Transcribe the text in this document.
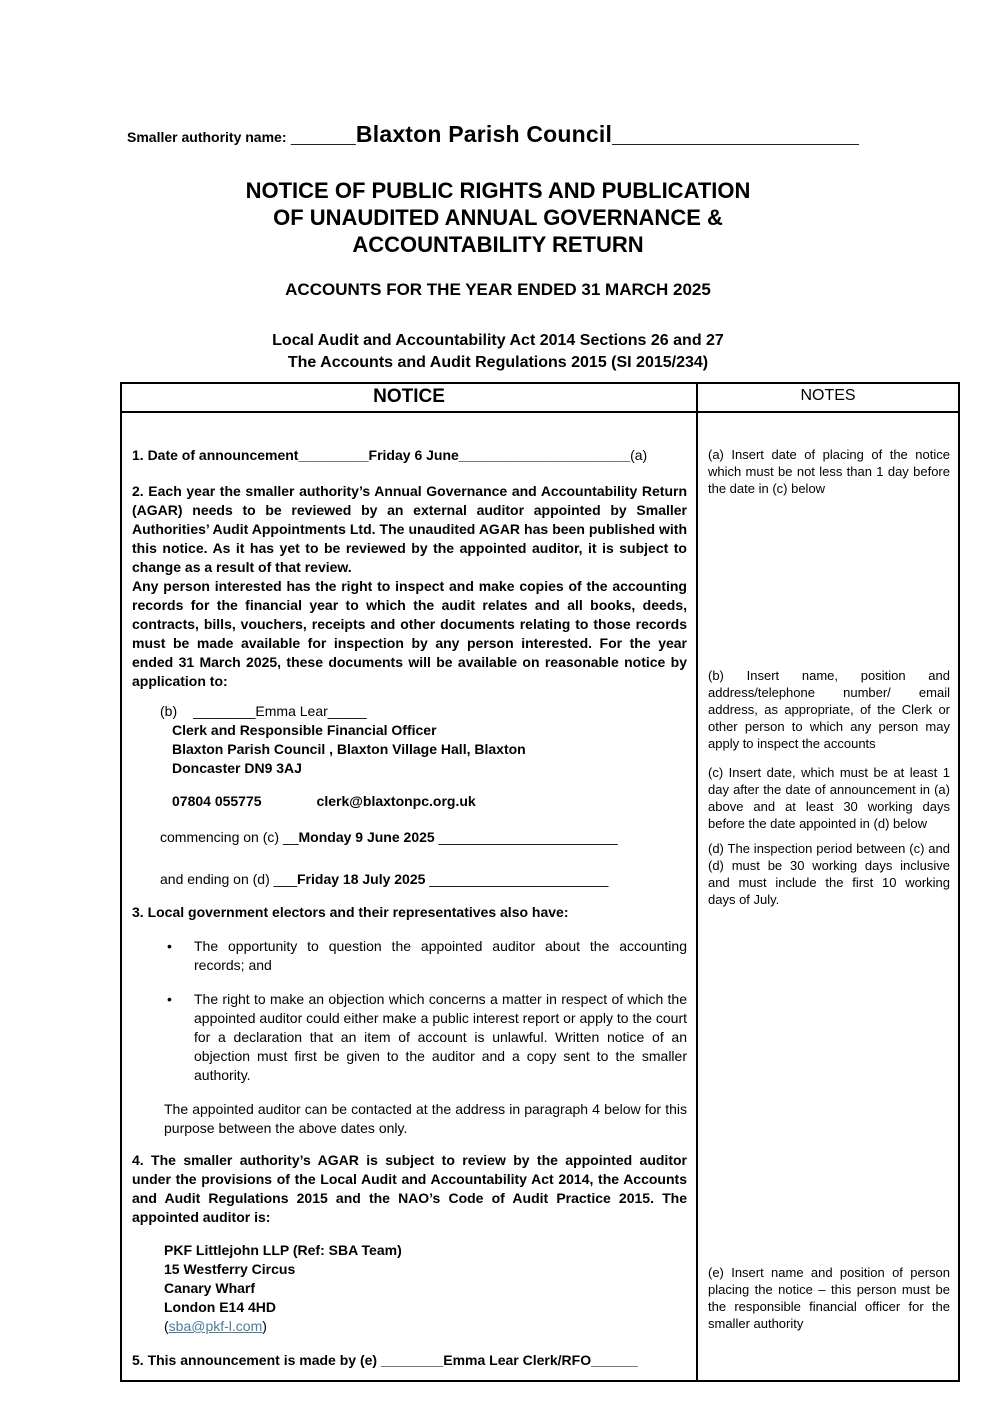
Smaller authority name: _____Blaxton Parish Council___________________
NOTICE OF PUBLIC RIGHTS AND PUBLICATION
OF UNAUDITED ANNUAL GOVERNANCE &
ACCOUNTABILITY RETURN
ACCOUNTS FOR THE YEAR ENDED 31 MARCH 2025
Local Audit and Accountability Act 2014 Sections 26 and 27
The Accounts and Audit Regulations 2015 (SI 2015/234)
NOTICE	NOTES

1. Date of announcement_________Friday 6 June______________________(a)
2. Each year the smaller authority’s Annual Governance and Accountability Return (AGAR) needs to be reviewed by an external auditor appointed by Smaller Authorities’ Audit Appointments Ltd. The unaudited AGAR has been published with this notice. As it has yet to be reviewed by the appointed auditor, it is subject to change as a result of that review.
Any person interested has the right to inspect and make copies of the accounting records for the financial year to which the audit relates and all books, deeds, contracts, bills, vouchers, receipts and other documents relating to those records must be made available for inspection by any person interested. For the year ended 31 March 2025, these documents will be available on reasonable notice by application to:
(b) ________Emma Lear_____
Clerk and Responsible Financial Officer
Blaxton Parish Council , Blaxton Village Hall, Blaxton
Doncaster DN9 3AJ
07804 055775	clerk@blaxtonpc.org.uk
commencing on (c) __Monday 9 June 2025 _______________________
and ending on (d) ___Friday 18 July 2025 _______________________
3. Local government electors and their representatives also have:
• The opportunity to question the appointed auditor about the accounting records; and
• The right to make an objection which concerns a matter in respect of which the appointed auditor could either make a public interest report or apply to the court for a declaration that an item of account is unlawful. Written notice of an objection must first be given to the auditor and a copy sent to the smaller authority.
The appointed auditor can be contacted at the address in paragraph 4 below for this purpose between the above dates only.
4. The smaller authority’s AGAR is subject to review by the appointed auditor under the provisions of the Local Audit and Accountability Act 2014, the Accounts and Audit Regulations 2015 and the NAO’s Code of Audit Practice 2015. The appointed auditor is:
PKF Littlejohn LLP (Ref: SBA Team)
15 Westferry Circus
Canary Wharf
London E14 4HD
(sba@pkf-l.com)
5. This announcement is made by (e) ________Emma Lear Clerk/RFO______

(a) Insert date of placing of the notice which must be not less than 1 day before the date in (c) below
(b) Insert name, position and address/telephone number/ email address, as appropriate, of the Clerk or other person to which any person may apply to inspect the accounts
(c) Insert date, which must be at least 1 day after the date of announcement in (a) above and at least 30 working days before the date appointed in (d) below
(d) The inspection period between (c) and (d) must be 30 working days inclusive and must include the first 10 working days of July.
(e) Insert name and position of person placing the notice – this person must be the responsible financial officer for the smaller authority
